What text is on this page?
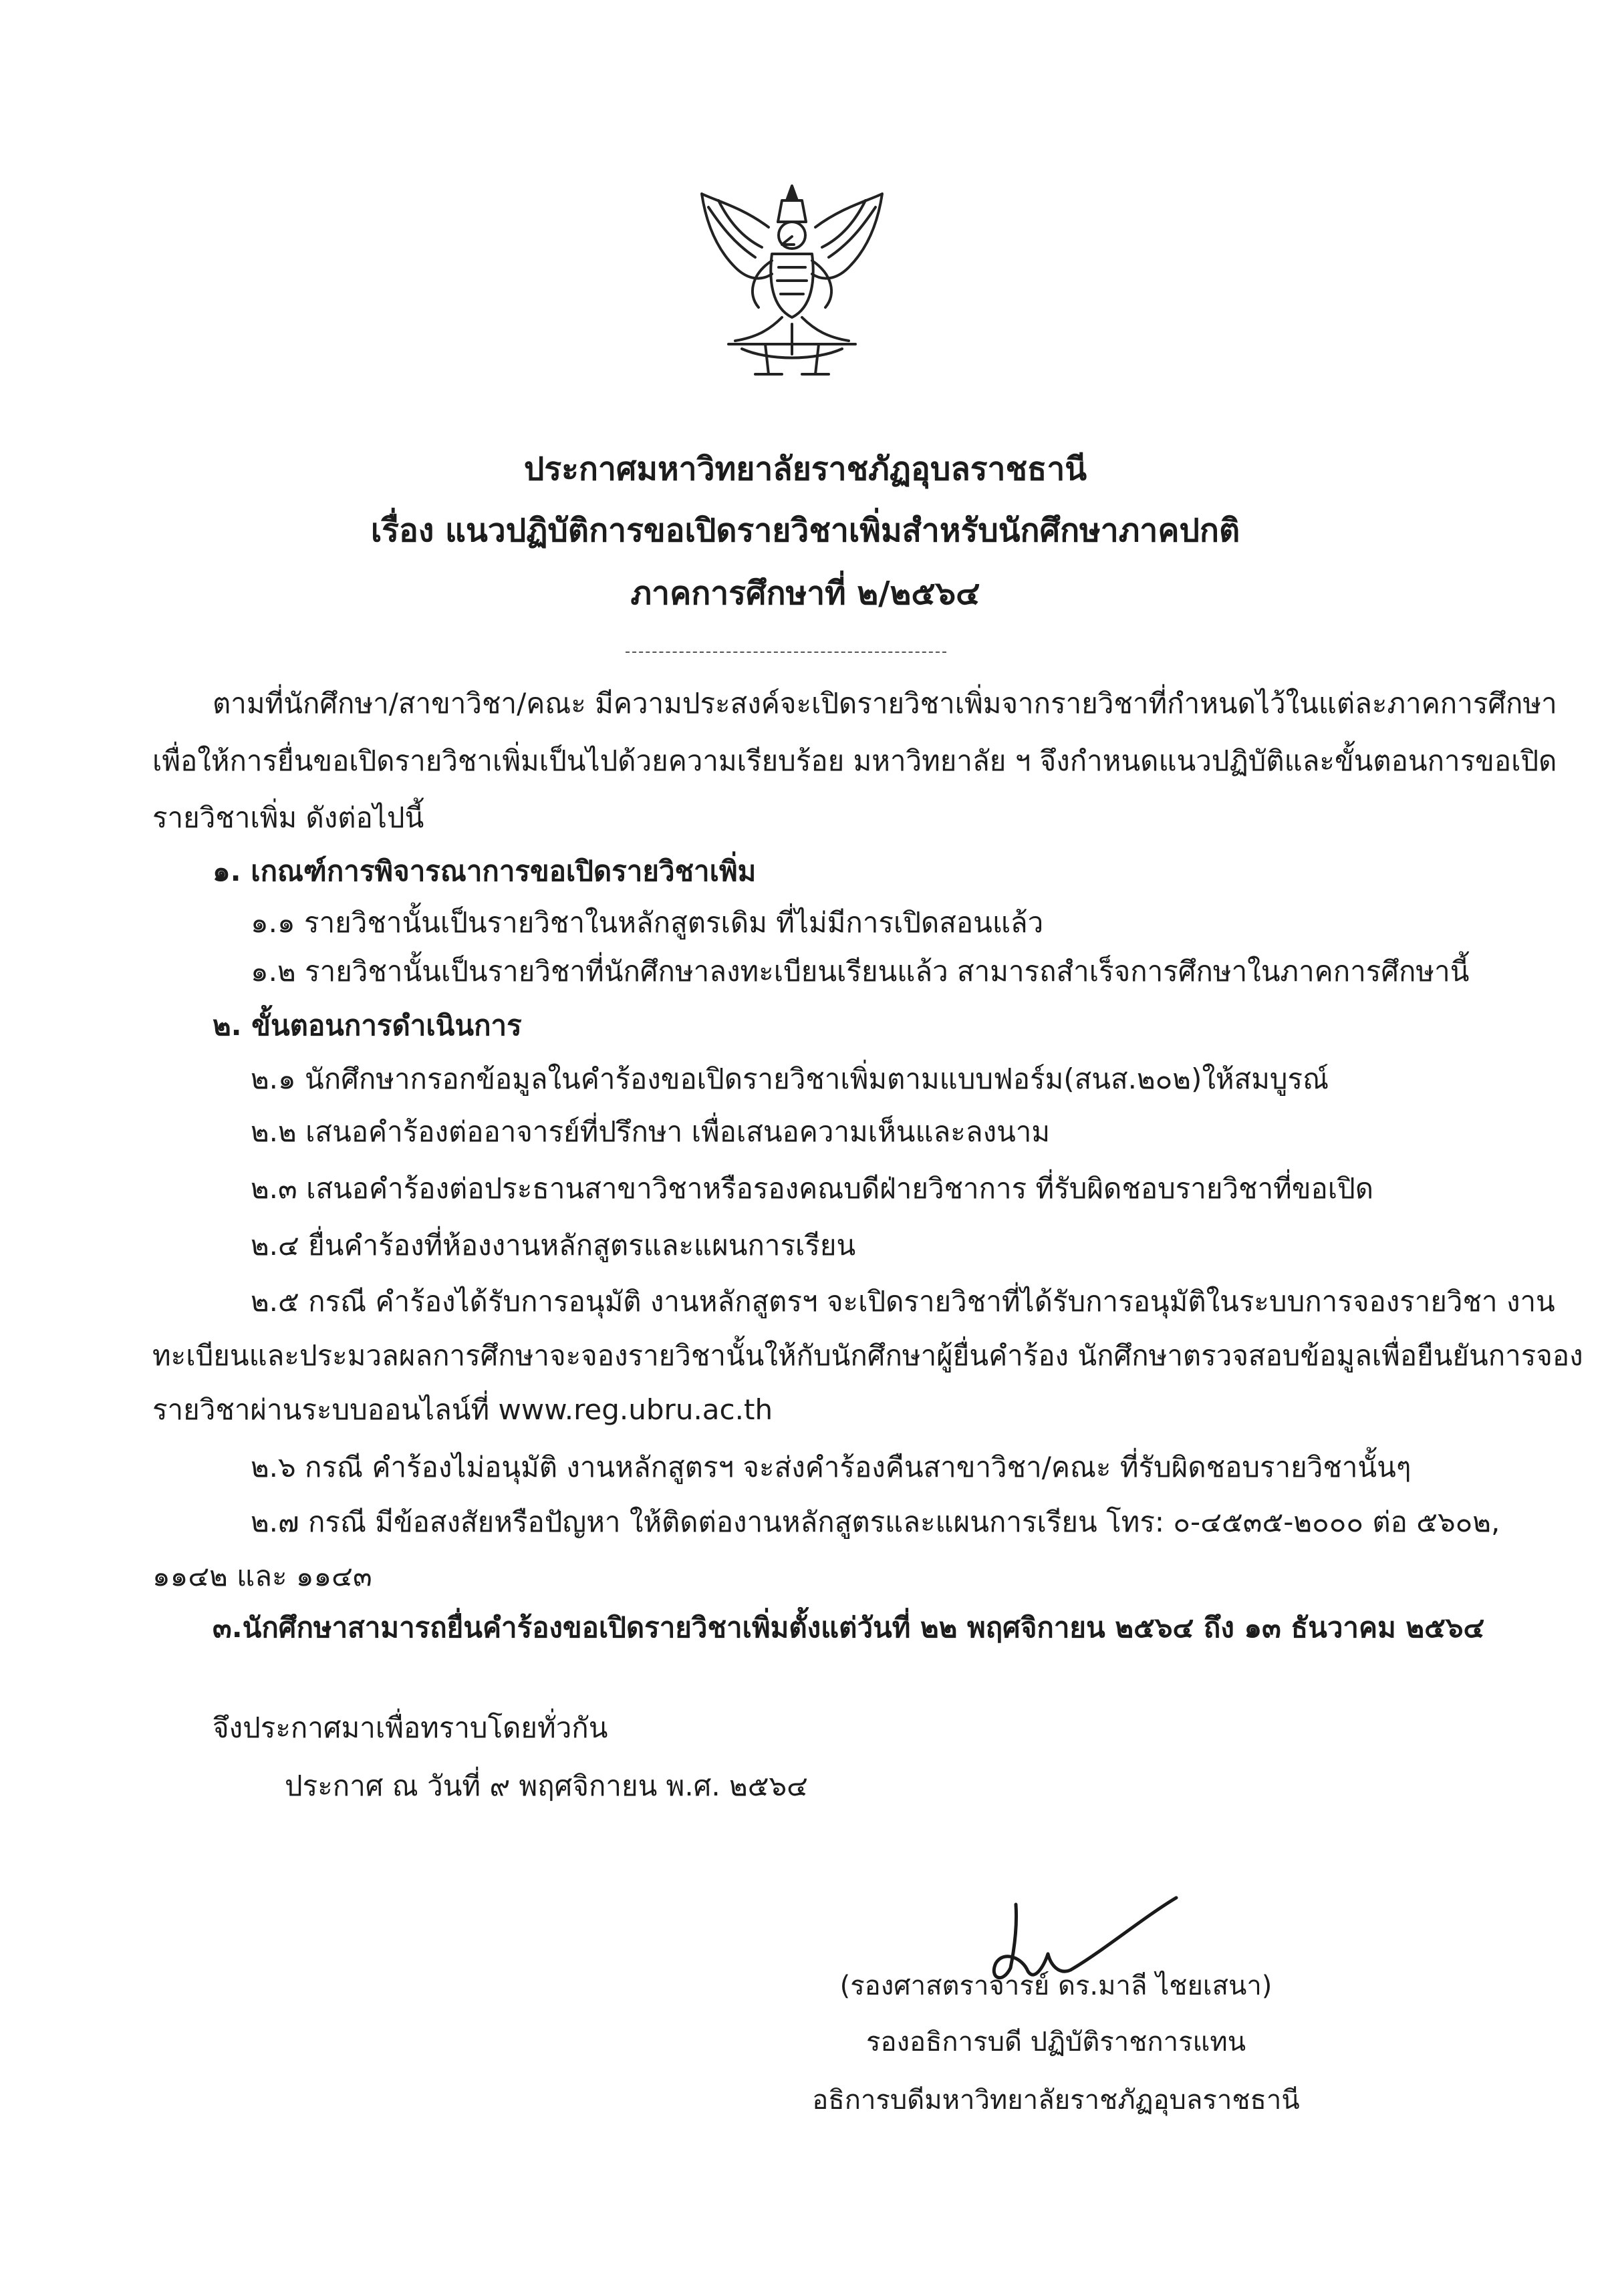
ประกาศมหาวิทยาลัยราชภัฏอุบลราชธานี
เรื่อง แนวปฏิบัติการขอเปิดรายวิชาเพิ่มสำหรับนักศึกษาภาคปกติ
ภาคการศึกษาที่ ๒/๒๕๖๔
ตามที่นักศึกษา/สาขาวิชา/คณะ มีความประสงค์จะเปิดรายวิชาเพิ่มจากรายวิชาที่กำหนดไว้ในแต่ละภาคการศึกษา
เพื่อให้การยื่นขอเปิดรายวิชาเพิ่มเป็นไปด้วยความเรียบร้อย มหาวิทยาลัย ฯ จึงกำหนดแนวปฏิบัติและขั้นตอนการขอเปิด
รายวิชาเพิ่ม ดังต่อไปนี้
๑. เกณฑ์การพิจารณาการขอเปิดรายวิชาเพิ่ม
๑.๑ รายวิชานั้นเป็นรายวิชาในหลักสูตรเดิม ที่ไม่มีการเปิดสอนแล้ว
๑.๒ รายวิชานั้นเป็นรายวิชาที่นักศึกษาลงทะเบียนเรียนแล้ว สามารถสำเร็จการศึกษาในภาคการศึกษานี้
๒. ขั้นตอนการดำเนินการ
๒.๑ นักศึกษากรอกข้อมูลในคำร้องขอเปิดรายวิชาเพิ่มตามแบบฟอร์ม(สนส.๒๐๒)ให้สมบูรณ์
๒.๒ เสนอคำร้องต่ออาจารย์ที่ปรึกษา เพื่อเสนอความเห็นและลงนาม
๒.๓ เสนอคำร้องต่อประธานสาขาวิชาหรือรองคณบดีฝ่ายวิชาการ ที่รับผิดชอบรายวิชาที่ขอเปิด
๒.๔ ยื่นคำร้องที่ห้องงานหลักสูตรและแผนการเรียน
๒.๕ กรณี คำร้องได้รับการอนุมัติ งานหลักสูตรฯ จะเปิดรายวิชาที่ได้รับการอนุมัติในระบบการจองรายวิชา งาน
ทะเบียนและประมวลผลการศึกษาจะจองรายวิชานั้นให้กับนักศึกษาผู้ยื่นคำร้อง นักศึกษาตรวจสอบข้อมูลเพื่อยืนยันการจอง
รายวิชาผ่านระบบออนไลน์ที่ www.reg.ubru.ac.th
๒.๖ กรณี คำร้องไม่อนุมัติ งานหลักสูตรฯ จะส่งคำร้องคืนสาขาวิชา/คณะ ที่รับผิดชอบรายวิชานั้นๆ
๒.๗ กรณี มีข้อสงสัยหรือปัญหา ให้ติดต่องานหลักสูตรและแผนการเรียน โทร: ๐-๔๕๓๕-๒๐๐๐ ต่อ ๕๖๐๒,
๑๑๔๒ และ ๑๑๔๓
๓.นักศึกษาสามารถยื่นคำร้องขอเปิดรายวิชาเพิ่มตั้งแต่วันที่ ๒๒ พฤศจิกายน ๒๕๖๔ ถึง ๑๓ ธันวาคม ๒๕๖๔
จึงประกาศมาเพื่อทราบโดยทั่วกัน
ประกาศ ณ วันที่ ๙ พฤศจิกายน พ.ศ. ๒๕๖๔
(รองศาสตราจารย์ ดร.มาลี ไชยเสนา)
รองอธิการบดี ปฏิบัติราชการแทน
อธิการบดีมหาวิทยาลัยราชภัฏอุบลราชธานี
